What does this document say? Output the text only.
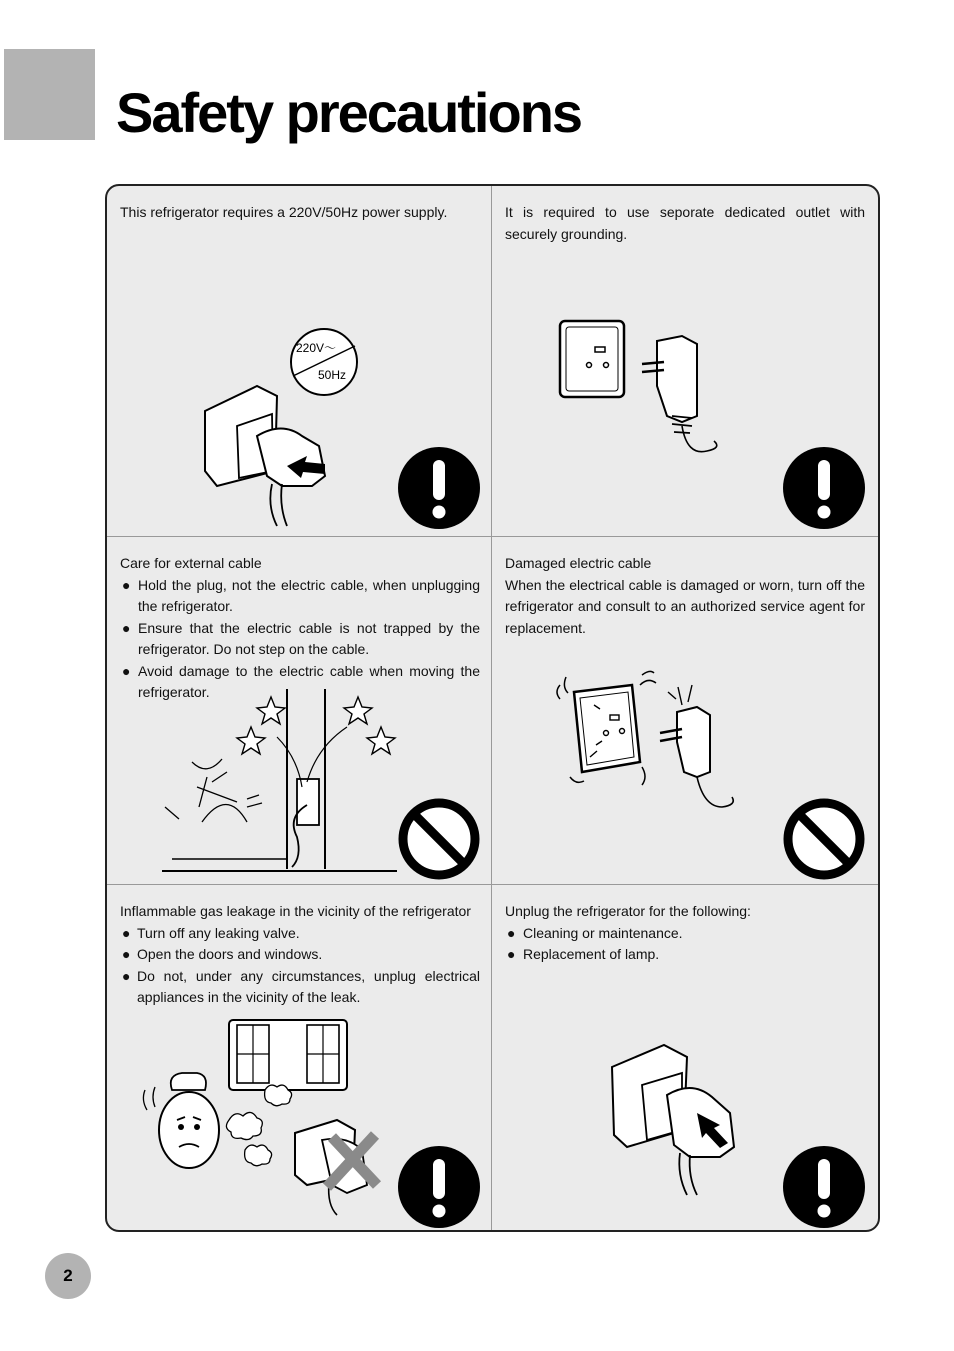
Safety precautions

This refrigerator requires a 220V/50Hz power supply.

220V～
50Hz

It is required to use seporate dedicated outlet with securely grounding.

Care for external cable

● Hold the plug, not the electric cable, when unplugging the refrigerator.
● Ensure that the electric cable is not trapped by the refrigerator. Do not step on the cable.
● Avoid damage to the electric cable when moving the refrigerator.

Damaged electric cable

When the electrical cable is damaged or worn, turn off the refrigerator and consult to an authorized service agent for replacement.

Inflammable gas leakage in the vicinity of the refrigerator

● Turn off any leaking valve.
● Open the doors and windows.
● Do not, under any circumstances, unplug electrical appliances in the vicinity of the leak.

Unplug the refrigerator for the following:

● Cleaning or maintenance.
● Replacement of lamp.
2
